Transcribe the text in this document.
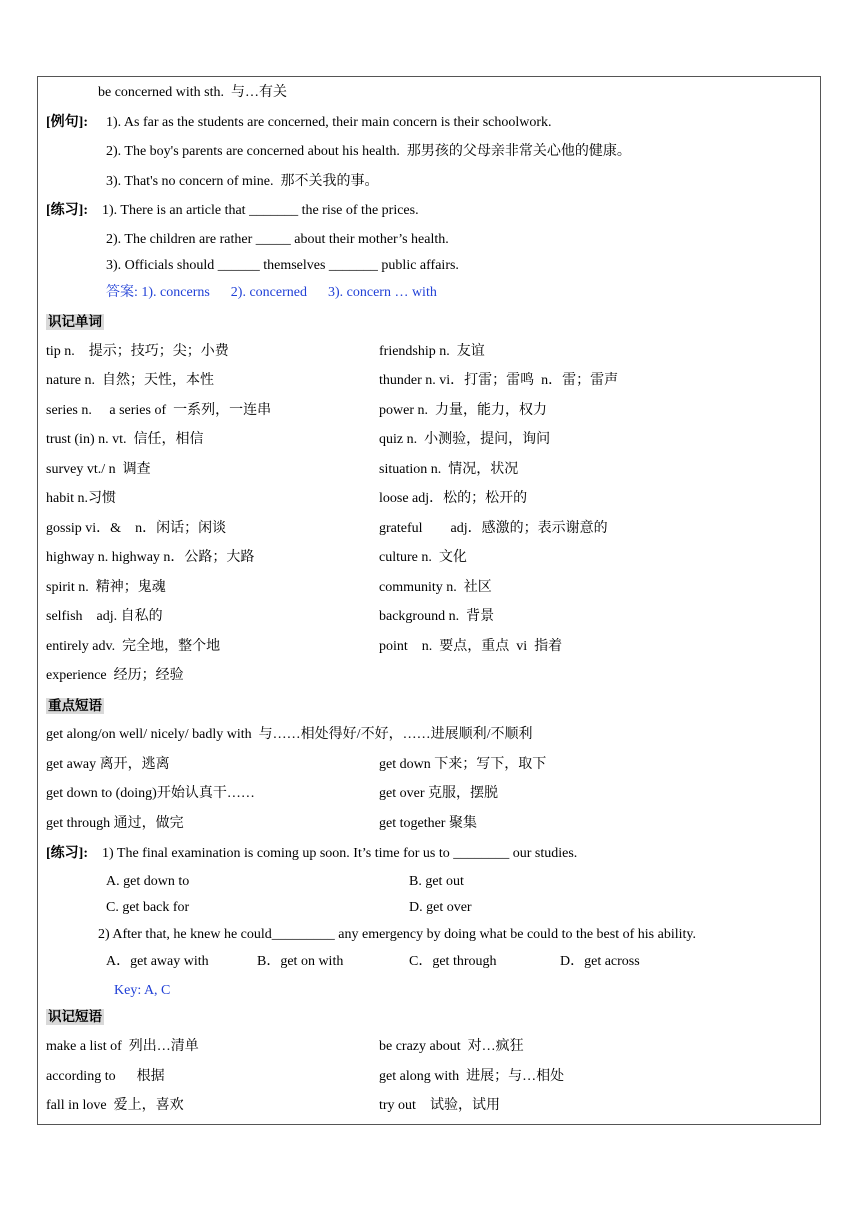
be concerned with sth.  与…有关
[例句]: 1). As far as the students are concerned, their main concern is their schoolwork.
2). The boy's parents are concerned about his health.  那男孩的父母亲非常关心他的健康。
3). That's no concern of mine.  那不关我的事。
[练习]: 1). There is an article that _______ the rise of the prices.
2). The children are rather _____ about their mother’s health.
3). Officials should ______ themselves _______ public affairs.
答案: 1). concerns      2). concerned      3). concern … with
识记单词
tip n.    提示；技巧；尖；小费	friendship n.  友谊
nature n.  自然；天性，本性	thunder n. vi．打雷；雷鸣  n．雷；雷声
series n.     a series of  一系列，一连串	power n.  力量，能力，权力
trust (in) n. vt.  信任，相信	quiz n.  小测验，提问，询问
survey vt./ n  调查	situation n.  情况，状况
habit n.习惯	loose adj．松的；松开的
gossip vi．&    n．闲话；闲谈	grateful        adj．感激的；表示谢意的
highway n. highway n．公路；大路	culture n.  文化
spirit n.  精神；鬼魂	community n.  社区
selfish    adj. 自私的	background n.  背景
entirely adv.  完全地，整个地	point    n.  要点，重点  vi  指着
experience  经历；经验
重点短语
get along/on well/ nicely/ badly with  与……相处得好/不好，……进展顺利/不顺利
get away 离开，逃离	get down 下来；写下，取下
get down to (doing)开始认真干……	get over 克服，摆脱
get through 通过，做完	get together 聚集
[练习]: 1) The final examination is coming up soon. It’s time for us to ________ our studies.
A. get down to	B. get out
C. get back for	D. get over
2) After that, he knew he could_________ any emergency by doing what be could to the best of his ability.
A．get away with	B．get on with	C．get through	D．get across
Key: A, C
识记短语
make a list of  列出…清单	be crazy about  对…疯狂
according to      根据	get along with  进展；与…相处
fall in love  爱上，喜欢	try out    试验，试用
